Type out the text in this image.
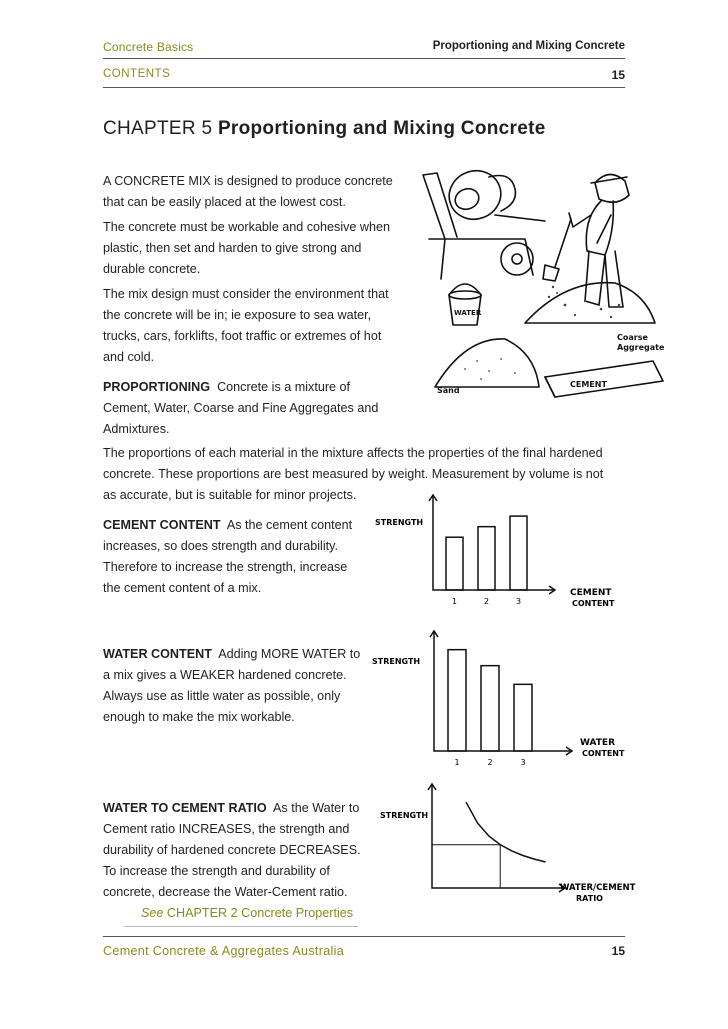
Concrete Basics	Proportioning and Mixing Concrete
CONTENTS	15
CHAPTER 5 Proportioning and Mixing Concrete
A CONCRETE MIX is designed to produce concrete
that can be easily placed at the lowest cost.
The concrete must be workable and cohesive when
plastic, then set and harden to give strong and
durable concrete.
The mix design must consider the environment that
the concrete will be in; ie exposure to sea water,
trucks, cars, forklifts, foot traffic or extremes of hot
and cold.
PROPORTIONING Concrete is a mixture of
Cement, Water, Coarse and Fine Aggregates and
Admixtures.
The proportions of each material in the mixture affects the properties of the final hardened
concrete. These proportions are best measured by weight. Measurement by volume is not
as accurate, but is suitable for minor projects.
CEMENT CONTENT As the cement content
increases, so does strength and durability.
Therefore to increase the strength, increase
the cement content of a mix.
WATER CONTENT Adding MORE WATER to
a mix gives a WEAKER hardened concrete.
Always use as little water as possible, only
enough to make the mix workable.
WATER TO CEMENT RATIO As the Water to
Cement ratio INCREASES, the strength and
durability of hardened concrete DECREASES.
To increase the strength and durability of
concrete, decrease the Water-Cement ratio.
See CHAPTER 2 Concrete Properties
WATER
Coarse
Aggregate
Sand
CEMENT
1	2	3
STRENGTH
CEMENT
CONTENT
1	2	3
STRENGTH
WATER
CONTENT
STRENGTH
WATER/CEMENT
RATIO
Cement Concrete & Aggregates Australia	15
